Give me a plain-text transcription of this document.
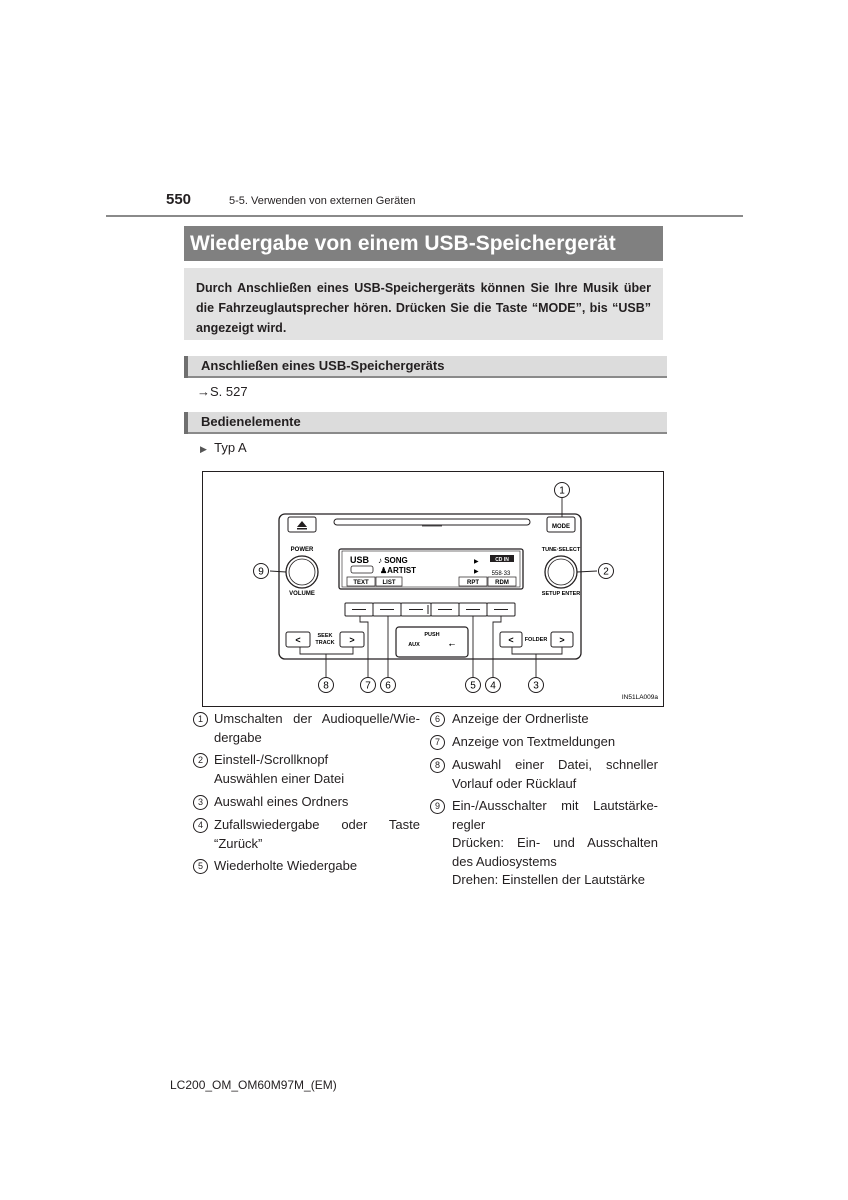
550	5-5. Verwenden von externen Geräten
Wiedergabe von einem USB-Speichergerät
Durch Anschließen eines USB-Speichergeräts können Sie Ihre Musik über die Fahrzeuglautsprecher hören. Drücken Sie die Taste “MODE”, bis “USB” angezeigt wird.
Anschließen eines USB-Speichergeräts
→S. 527
Bedienelemente
▶ Typ A
MODE
POWER
VOLUME
TUNE·SELECT
SETUP ENTER
USB ♪ SONG
♟ARTIST
▶
▶
CD IN
558·33
TEXT LIST	RPT	RDM
<	>
SEEK
TRACK
PUSH
AUX	⭠	<	>
FOLDER
1
2
9
8	7 6	5 4	3
IN51LA009a
1 Umschalten der Audioquelle/Wie-
dergabe
2 Einstell-/Scrollknopf
Auswählen einer Datei
3 Auswahl eines Ordners
4 Zufallswiedergabe oder Taste
“Zurück”
5 Wiederholte Wiedergabe
6 Anzeige der Ordnerliste
7 Anzeige von Textmeldungen
8 Auswahl einer Datei, schneller
Vorlauf oder Rücklauf
9 Ein-/Ausschalter mit Lautstärke-
regler
Drücken: Ein- und Ausschalten
des Audiosystems
Drehen: Einstellen der Lautstärke
LC200_OM_OM60M97M_(EM)
